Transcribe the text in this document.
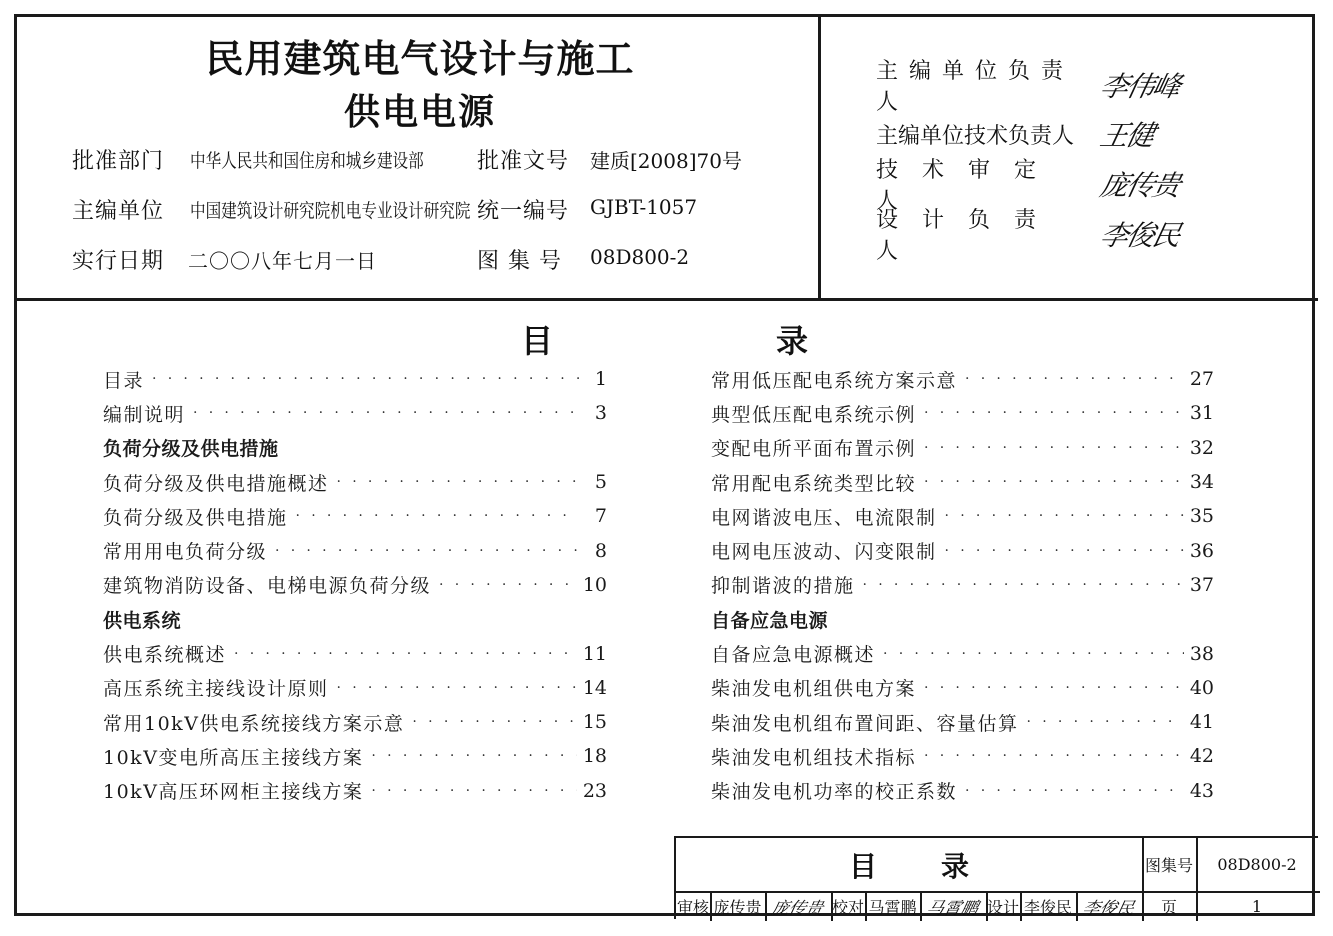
民用建筑电气设计与施工
供电电源
批准部门 中华人民共和国住房和城乡建设部
主编单位 中国建筑设计研究院机电专业设计研究院
实行日期 二〇〇八年七月一日
批准文号 建质[2008]70号
统一编号 GJBT-1057
图 集 号 08D800-2
主编单位负责人	李伟峰
主编单位技术负责人 王健
技术审定人	庞传贵
设计负责人	李俊民
目	录
目录 . . .	1
编制说明 . . .	3
负荷分级及供电措施
负荷分级及供电措施概述 . . .	5
负荷分级及供电措施 . . .	7
常用用电负荷分级 . . .	8
建筑物消防设备、电梯电源负荷分级 . . .	10
供电系统
供电系统概述 . . .	11
高压系统主接线设计原则 . . .	14
常用10kV供电系统接线方案示意 . . .	15
10kV变电所高压主接线方案 . . .	18
10kV高压环网柜主接线方案 . . .	23
常用低压配电系统方案示意 . . .	27
典型低压配电系统示例 . . .	31
变配电所平面布置示例 . . .	32
常用配电系统类型比较 . . .	34
电网谐波电压、电流限制 . . .	35
电网电压波动、闪变限制 . . .	36
抑制谐波的措施 . . .	37
自备应急电源
自备应急电源概述 . . .	38
柴油发电机组供电方案 . . .	40
柴油发电机组布置间距、容量估算 . . .	41
柴油发电机组技术指标 . . .	42
柴油发电机功率的校正系数 . . .	43
目录	图集号	08D800-2
审核 庞传贵 庞传贵 校对 马霄鹏 马霄鹏 设计 李俊民 李俊民	页	1
